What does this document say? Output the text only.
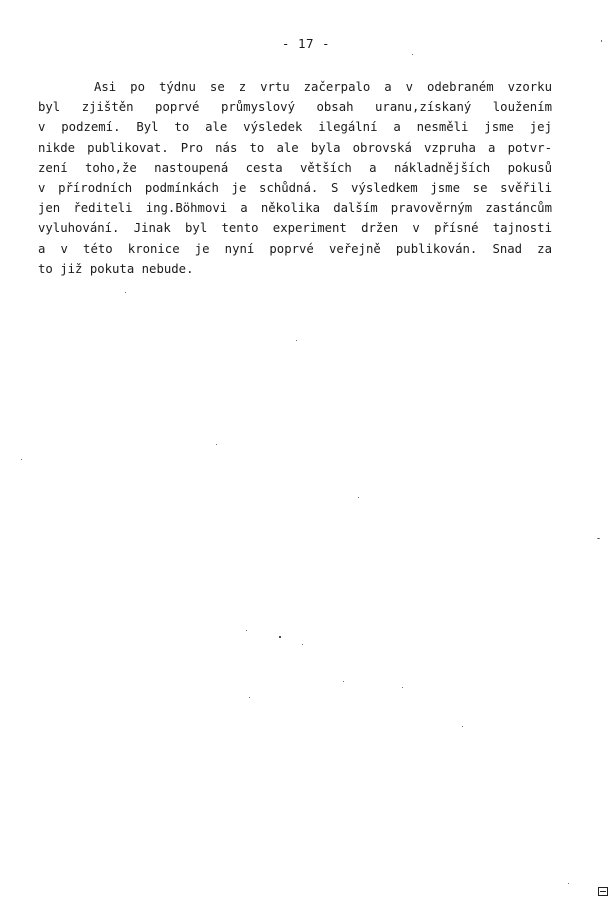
- 17 -
Asi po týdnu se z vrtu začerpalo a v odebraném vzorku
byl zjištěn poprvé průmyslový obsah uranu,získaný loužením
v podzemí. Byl to ale výsledek ilegální a nesměli jsme jej
nikde publikovat. Pro nás to ale byla obrovská vzpruha a potvr-
zení toho,že nastoupená cesta větších a nákladnějších pokusů
v přírodních podmínkách je schůdná. S výsledkem jsme se svěřili
jen řediteli ing.Böhmovi a několika dalším pravověrným zastáncům
vyluhování. Jinak byl tento experiment držen v přísné tajnosti
a v této kronice je nyní poprvé veřejně publikován. Snad za
to již pokuta nebude.
